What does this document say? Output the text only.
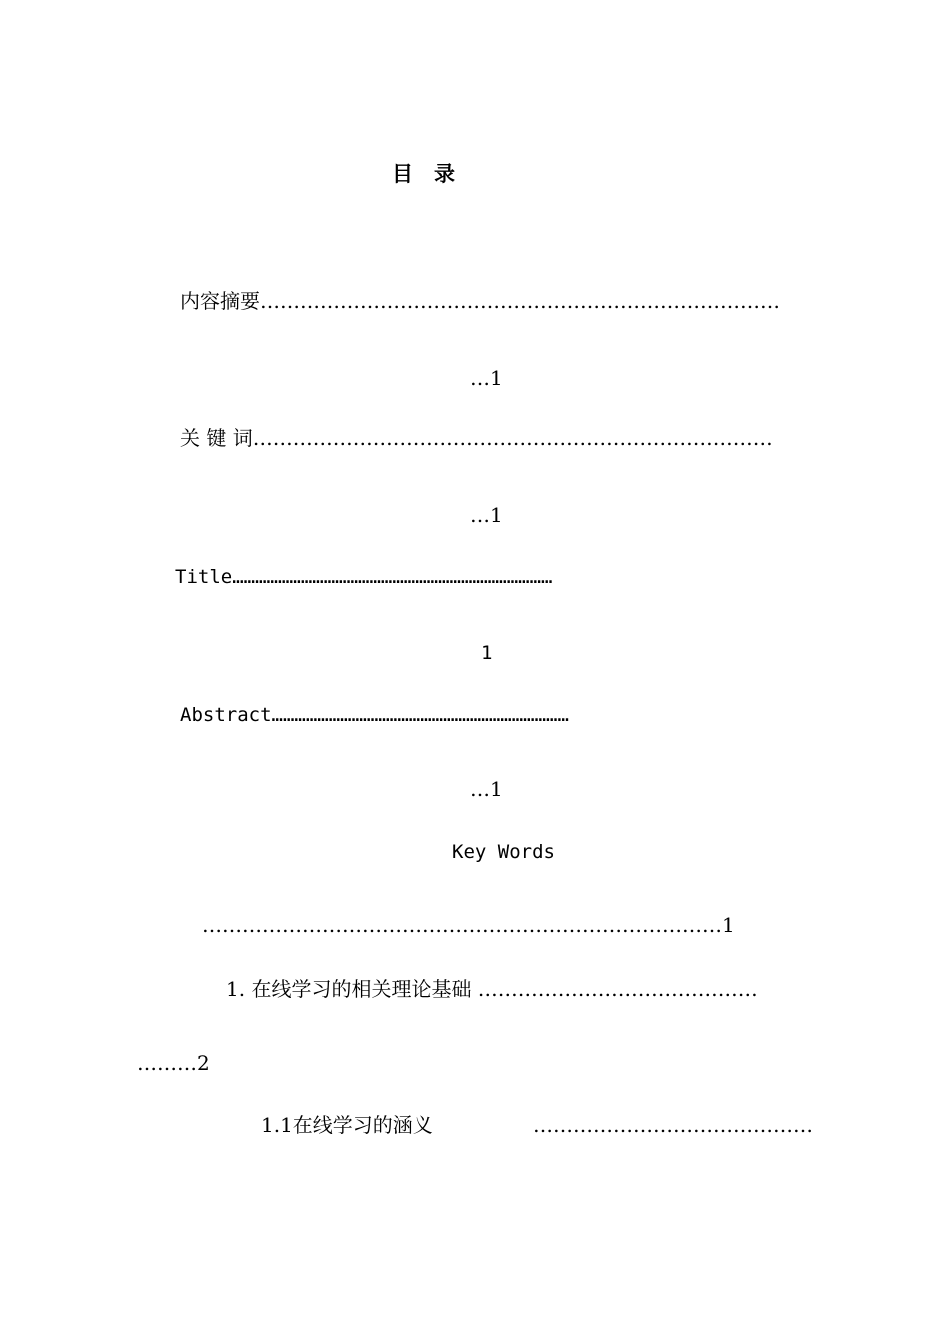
目　录

内容摘要……………………………………………………………………

…1

关 键 词……………………………………………………………………

…1

Title…………………………………………………………………………

1

Abstract……………………………………………………………………

…1

Key Words

……………………………………………………………………1

1. 在线学习的相关理论基础 ……………………………………

………2

1.1在线学习的涵义	……………………………………
